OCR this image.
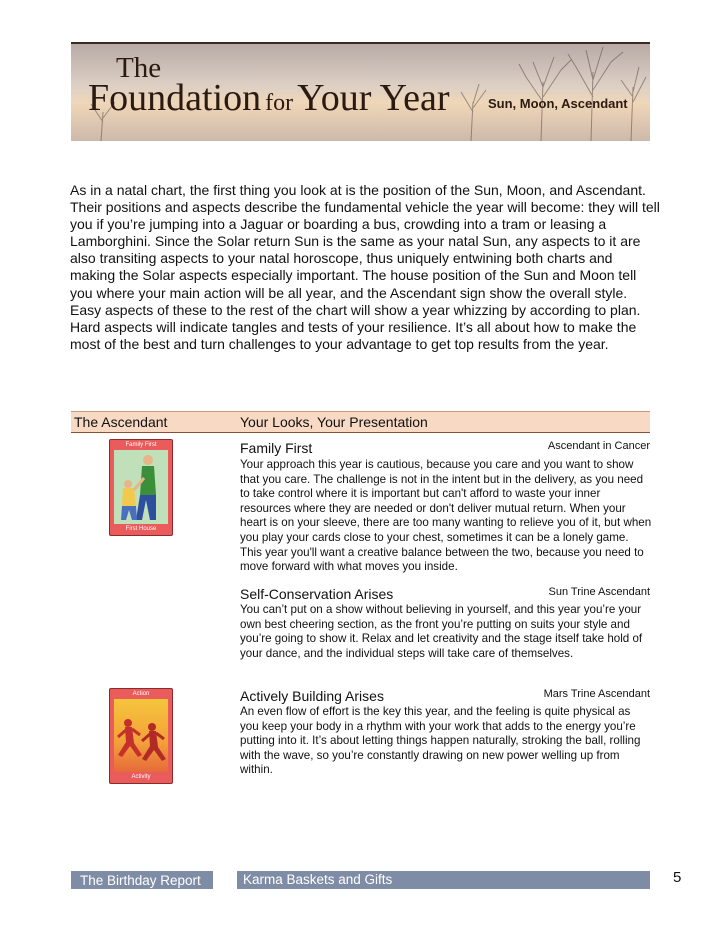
The
Foundation for Your Year	Sun, Moon, Ascendant
As in a natal chart, the first thing you look at is the position of the Sun, Moon, and Ascendant. Their positions and aspects describe the fundamental vehicle the year will become: they will tell you if you’re jumping into a Jaguar or boarding a bus, crowding into a tram or leasing a Lamborghini. Since the Solar return Sun is the same as your natal Sun, any aspects to it are also transiting aspects to your natal horoscope, thus uniquely entwining both charts and making the Solar aspects especially important. The house position of the Sun and Moon tell you where your main action will be all year, and the Ascendant sign show the overall style. Easy aspects of these to the rest of the chart will show a year whizzing by according to plan. Hard aspects will indicate tangles and tests of your resilience. It’s all about how to make the most of the best and turn challenges to your advantage to get top results from the year.
The Ascendant	Your Looks, Your Presentation
Family First
First House
Action
Activity
Family First	Ascendant in Cancer
Your approach this year is cautious, because you care and you want to show that you care. The challenge is not in the intent but in the delivery, as you need to take control where it is important but can't afford to waste your inner resources where they are needed or don't deliver mutual return. When your heart is on your sleeve, there are too many wanting to relieve you of it, but when you play your cards close to your chest, sometimes it can be a lonely game. This year you'll want a creative balance between the two, because you need to move forward with what moves you inside.
Self-Conservation Arises	Sun Trine Ascendant
You can’t put on a show without believing in yourself, and this year you’re your own best cheering section, as the front you’re putting on suits your style and you’re going to show it. Relax and let creativity and the stage itself take hold of your dance, and the individual steps will take care of themselves.
Actively Building Arises	Mars Trine Ascendant
An even flow of effort is the key this year, and the feeling is quite physical as you keep your body in a rhythm with your work that adds to the energy you’re putting into it. It’s about letting things happen naturally, stroking the ball, rolling with the wave, so you’re constantly drawing on new power welling up from within.
The Birthday Report	Karma Baskets and Gifts	5
